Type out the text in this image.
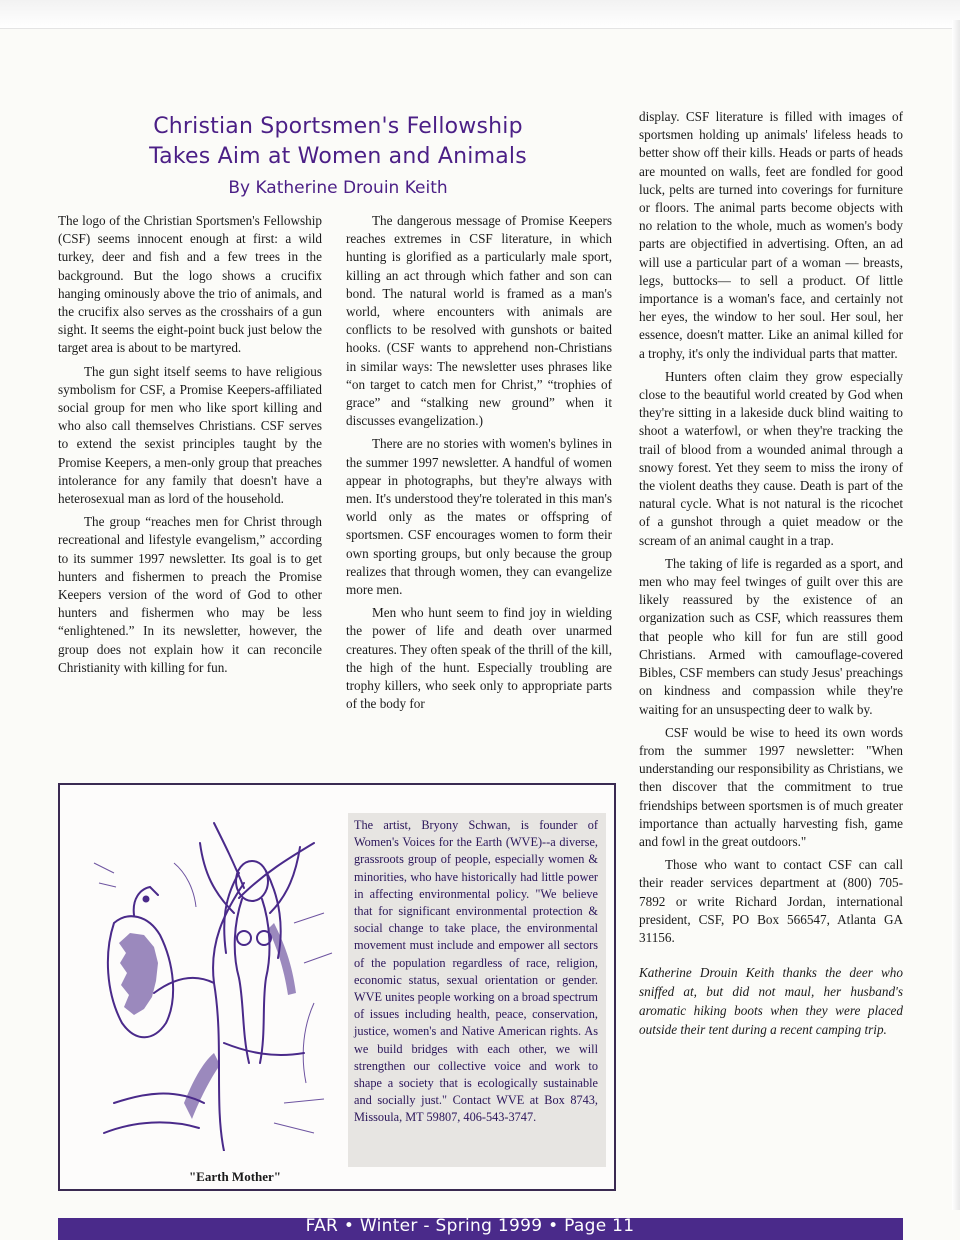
Christian Sportsmen's Fellowship
Takes Aim at Women and Animals
By Katherine Drouin Keith

The logo of the Christian Sportsmen's Fellowship (CSF) seems innocent enough at first: a wild turkey, deer and fish and a few trees in the background. But the logo shows a crucifix hanging ominously above the trio of animals, and the crucifix also serves as the crosshairs of a gun sight. It seems the eight-point buck just below the target area is about to be martyred.

The gun sight itself seems to have religious symbolism for CSF, a Promise Keepers-affiliated social group for men who like sport killing and who also call themselves Christians. CSF serves to extend the sexist principles taught by the Promise Keepers, a men-only group that preaches intolerance for any family that doesn't have a heterosexual man as lord of the household.

The group “reaches men for Christ through recreational and lifestyle evangelism,” according to its summer 1997 newsletter. Its goal is to get hunters and fishermen to preach the Promise Keepers version of the word of God to other hunters and fishermen who may be less “enlightened.” In its newsletter, however, the group does not explain how it can reconcile Christianity with killing for fun.

The dangerous message of Promise Keepers reaches extremes in CSF literature, in which hunting is glorified as a particularly male sport, killing an act through which father and son can bond. The natural world is framed as a man's world, where encounters with animals are conflicts to be resolved with gunshots or baited hooks. (CSF wants to apprehend non-Christians in similar ways: The newsletter uses phrases like “on target to catch men for Christ,” “trophies of grace” and “stalking new ground” when it discusses evangelization.)

There are no stories with women's bylines in the summer 1997 newsletter. A handful of women appear in photographs, but they're always with men. It's understood they're tolerated in this man's world only as the mates or offspring of sportsmen. CSF encourages women to form their own sporting groups, but only because the group realizes that through women, they can evangelize more men.

Men who hunt seem to find joy in wielding the power of life and death over unarmed creatures. They often speak of the thrill of the kill, the high of the hunt. Especially troubling are trophy killers, who seek only to appropriate parts of the body for

display. CSF literature is filled with images of sportsmen holding up animals' lifeless heads to better show off their kills. Heads or parts of heads are mounted on walls, feet are fondled for good luck, pelts are turned into coverings for furniture or floors. The animal parts become objects with no relation to the whole, much as women's body parts are objectified in advertising. Often, an ad will use a particular part of a woman — breasts, legs, buttocks— to sell a product. Of little importance is a woman's face, and certainly not her eyes, the window to her soul. Her soul, her essence, doesn't matter. Like an animal killed for a trophy, it's only the individual parts that matter.

Hunters often claim they grow especially close to the beautiful world created by God when they're sitting in a lakeside duck blind waiting to shoot a waterfowl, or when they're tracking the trail of blood from a wounded animal through a snowy forest. Yet they seem to miss the irony of the violent deaths they cause. Death is part of the natural cycle. What is not natural is the ricochet of a gunshot through a quiet meadow or the scream of an animal caught in a trap.

The taking of life is regarded as a sport, and men who may feel twinges of guilt over this are likely reassured by the existence of an organization such as CSF, which reassures them that people who kill for fun are still good Christians. Armed with camouflage-covered Bibles, CSF members can study Jesus' preachings on kindness and compassion while they're waiting for an unsuspecting deer to walk by.

CSF would be wise to heed its own words from the summer 1997 newsletter: "When understanding our responsibility as Christians, we then discover that the commitment to true friendships between sportsmen is of much greater importance than actually harvesting fish, game and fowl in the great outdoors."

Those who want to contact CSF can call their reader services department at (800) 705-7892 or write Richard Jordan, international president, CSF, PO Box 566547, Atlanta GA 31156.

Katherine Drouin Keith thanks the deer who sniffed at, but did not maul, her husband's aromatic hiking boots when they were placed outside their tent during a recent camping trip.

"Earth Mother"
The artist, Bryony Schwan, is founder of Women's Voices for the Earth (WVE)--a diverse, grassroots group of people, especially women & minorities, who have historically had little power in affecting environmental policy. "We believe that for significant environmental protection & social change to take place, the environmental movement must include and empower all sectors of the population regardless of race, religion, economic status, sexual orientation or gender. WVE unites people working on a broad spectrum of issues including health, peace, conservation, justice, women's and Native American rights. As we build bridges with each other, we will strengthen our collective voice and work to shape a society that is ecologically sustainable and socially just." Contact WVE at Box 8743, Missoula, MT 59807, 406-543-3747.
FAR • Winter - Spring 1999 • Page 11
